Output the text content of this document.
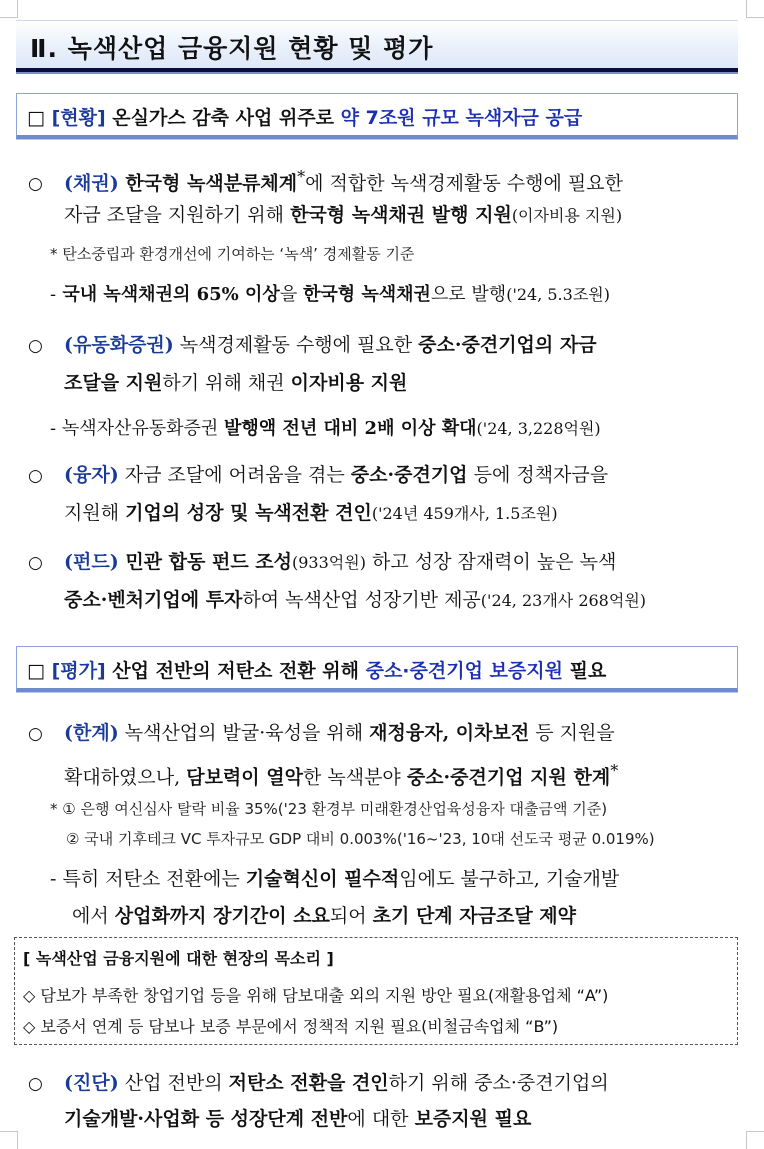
Ⅱ. 녹색산업 금융지원 현황 및 평가
□ [현황] 온실가스 감축 사업 위주로 약 7조원 규모 녹색자금 공급
○ (채권) 한국형 녹색분류체계*에 적합한 녹색경제활동 수행에 필요한
자금 조달을 지원하기 위해 한국형 녹색채권 발행 지원(이자비용 지원)
* 탄소중립과 환경개선에 기여하는 ‘녹색’ 경제활동 기준
- 국내 녹색채권의 65% 이상을 한국형 녹색채권으로 발행('24, 5.3조원)
○ (유동화증권) 녹색경제활동 수행에 필요한 중소·중견기업의 자금
조달을 지원하기 위해 채권 이자비용 지원
- 녹색자산유동화증권 발행액 전년 대비 2배 이상 확대('24, 3,228억원)
○ (융자) 자금 조달에 어려움을 겪는 중소·중견기업 등에 정책자금을
지원해 기업의 성장 및 녹색전환 견인('24년 459개사, 1.5조원)
○ (펀드) 민관 합동 펀드 조성(933억원) 하고 성장 잠재력이 높은 녹색
중소·벤처기업에 투자하여 녹색산업 성장기반 제공('24, 23개사 268억원)
□ [평가] 산업 전반의 저탄소 전환 위해 중소·중견기업 보증지원 필요
○ (한계) 녹색산업의 발굴·육성을 위해 재정융자, 이차보전 등 지원을
확대하였으나, 담보력이 열악한 녹색분야 중소·중견기업 지원 한계*
* ① 은행 여신심사 탈락 비율 35%('23 환경부 미래환경산업육성융자 대출금액 기준)
② 국내 기후테크 VC 투자규모 GDP 대비 0.003%('16~'23, 10대 선도국 평균 0.019%)
- 특히 저탄소 전환에는 기술혁신이 필수적임에도 불구하고, 기술개발
에서 상업화까지 장기간이 소요되어 초기 단계 자금조달 제약
[ 녹색산업 금융지원에 대한 현장의 목소리 ]
◇ 담보가 부족한 창업기업 등을 위해 담보대출 외의 지원 방안 필요(재활용업체 “A”)
◇ 보증서 연계 등 담보나 보증 부문에서 정책적 지원 필요(비철금속업체 “B”)
○ (진단) 산업 전반의 저탄소 전환을 견인하기 위해 중소·중견기업의
기술개발·사업화 등 성장단계 전반에 대한 보증지원 필요
